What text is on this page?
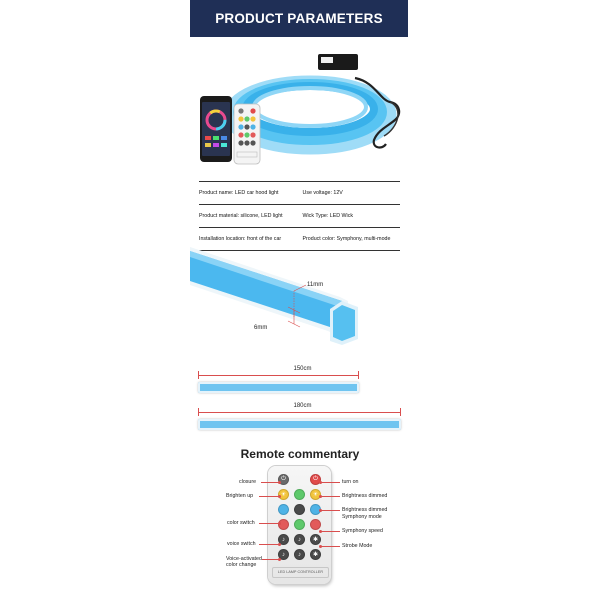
PRODUCT PARAMETERS
Product name: LED car hood light	Use voltage: 12V
Product material: silicone, LED light	Wick Type: LED Wick
Installation location: front of the car	Product color: Symphony, multi-mode
11mm
6mm
150cm
180cm
Remote commentary
⏻	⏻
☀	☀
♪	♪	✱
♪	♪	✱
LED LAMP CONTROLLER
closure
Brighten up
color switch
voice switch
Voice-activated color change
turn on
Brightness dimmed
Brightness dimmed
Symphony mode
Symphony speed
Strobe Mode
